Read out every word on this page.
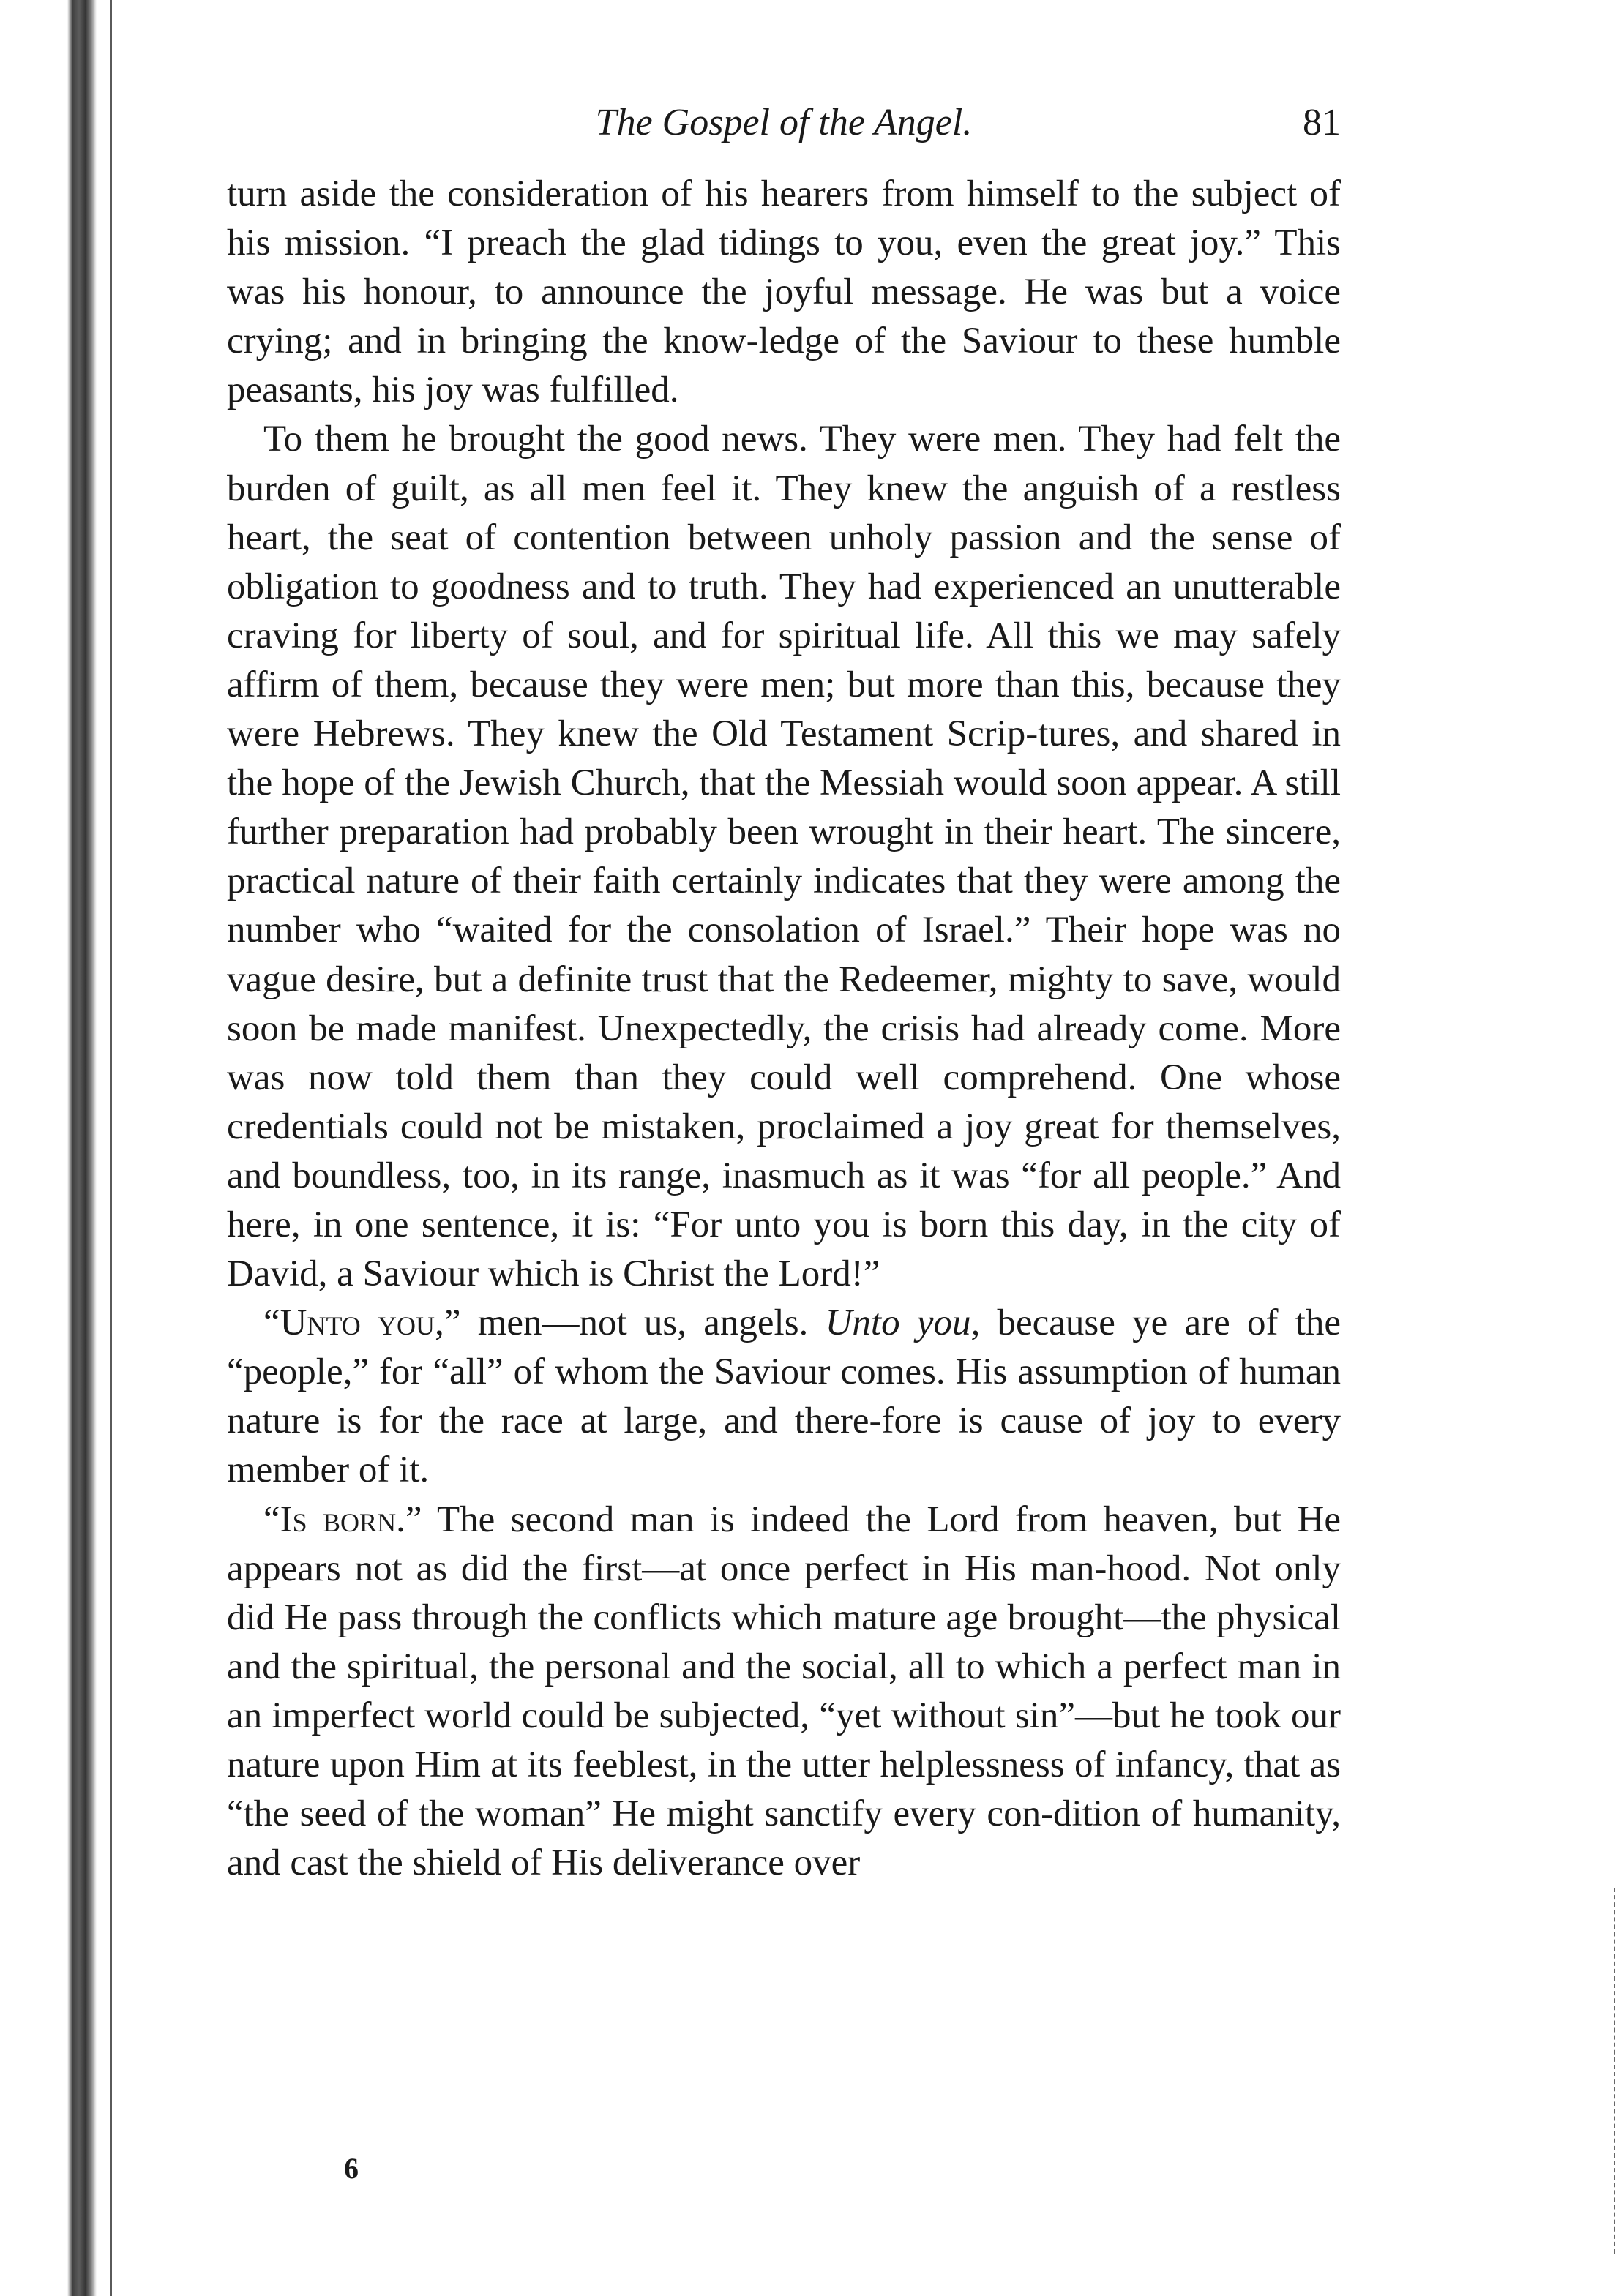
The Gospel of the Angel.	81

turn aside the consideration of his hearers from himself to the subject of his mission. “I preach the glad tidings to you, even the great joy.” This was his honour, to announce the joyful message. He was but a voice crying; and in bringing the know-ledge of the Saviour to these humble peasants, his joy was fulfilled.

To them he brought the good news. They were men. They had felt the burden of guilt, as all men feel it. They knew the anguish of a restless heart, the seat of contention between unholy passion and the sense of obligation to goodness and to truth. They had experienced an unutterable craving for liberty of soul, and for spiritual life. All this we may safely affirm of them, because they were men; but more than this, because they were Hebrews. They knew the Old Testament Scrip-tures, and shared in the hope of the Jewish Church, that the Messiah would soon appear. A still further preparation had probably been wrought in their heart. The sincere, practical nature of their faith certainly indicates that they were among the number who “waited for the consolation of Israel.” Their hope was no vague desire, but a definite trust that the Redeemer, mighty to save, would soon be made manifest. Unexpectedly, the crisis had already come. More was now told them than they could well comprehend. One whose credentials could not be mistaken, proclaimed a joy great for themselves, and boundless, too, in its range, inasmuch as it was “for all people.” And here, in one sentence, it is: “For unto you is born this day, in the city of David, a Saviour which is Christ the Lord!”

“Unto you,” men—not us, angels. Unto you, because ye are of the “people,” for “all” of whom the Saviour comes. His assumption of human nature is for the race at large, and there-fore is cause of joy to every member of it.

“Is born.” The second man is indeed the Lord from heaven, but He appears not as did the first—at once perfect in His man-hood. Not only did He pass through the conflicts which mature age brought—the physical and the spiritual, the personal and the social, all to which a perfect man in an imperfect world could be subjected, “yet without sin”—but he took our nature upon Him at its feeblest, in the utter helplessness of infancy, that as “the seed of the woman” He might sanctify every con-dition of humanity, and cast the shield of His deliverance over

6
